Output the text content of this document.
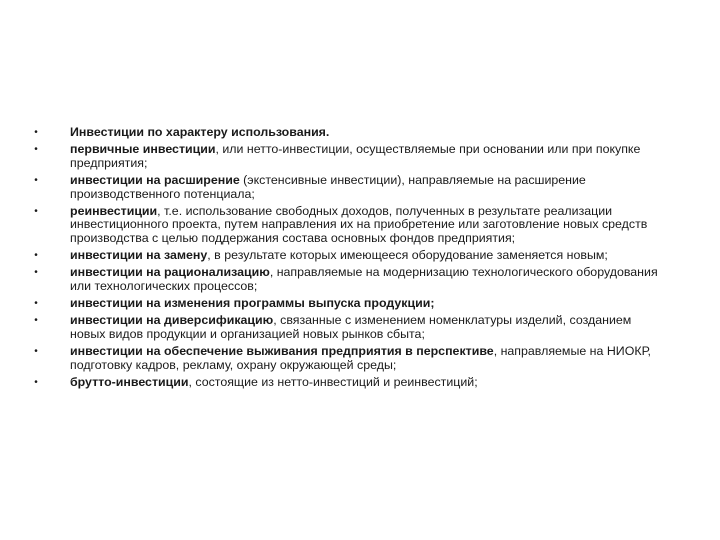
•	Инвестиции по характеру использования.
•	первичные инвестиции, или нетто-инвестиции, осуществляемые при основании или при покупке предприятия;
•	инвестиции на расширение (экстенсивные инвестиции), направляемые на расширение производственного потенциала;
•	реинвестиции, т.е. использование свободных доходов, полученных в результате реализации инвестиционного проекта, путем направления их на приобретение или заготовление новых средств производства с целью поддержания состава основных фондов предприятия;
•	инвестиции на замену, в результате которых имеющееся оборудование заменяется новым;
•	инвестиции на рационализацию, направляемые на модернизацию технологического оборудования или технологических процессов;
•	инвестиции на изменения программы выпуска продукции;
•	инвестиции на диверсификацию, связанные с изменением номенклатуры изделий, созданием новых видов продукции и организацией новых рынков сбыта;
•	инвестиции на обеспечение выживания предприятия в перспективе, направляемые на НИОКР, подготовку кадров, рекламу, охрану окружающей среды;
•	брутто-инвестиции, состоящие из нетто-инвестиций и реинвестиций;
